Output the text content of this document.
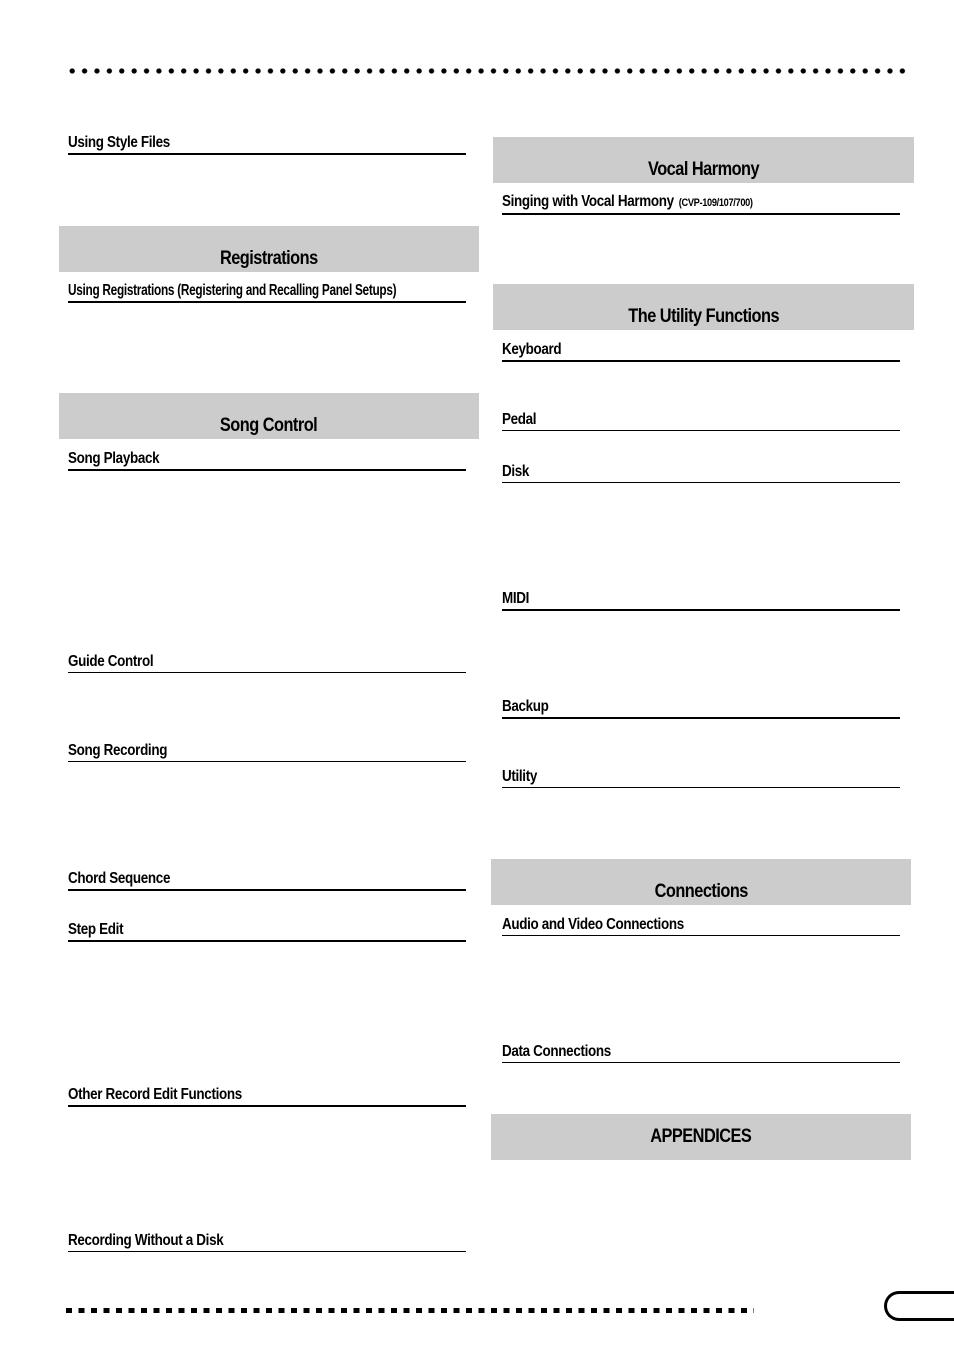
Using Style Files
Registrations
Using Registrations (Registering and Recalling Panel Setups)
Song Control
Song Playback
Guide Control
Song Recording
Chord Sequence
Step Edit
Other Record Edit Functions
Recording Without a Disk
Vocal Harmony
Singing with Vocal Harmony (CVP-109/107/700)
The Utility Functions
Keyboard
Pedal
Disk
MIDI
Backup
Utility
Connections
Audio and Video Connections
Data Connections
APPENDICES
